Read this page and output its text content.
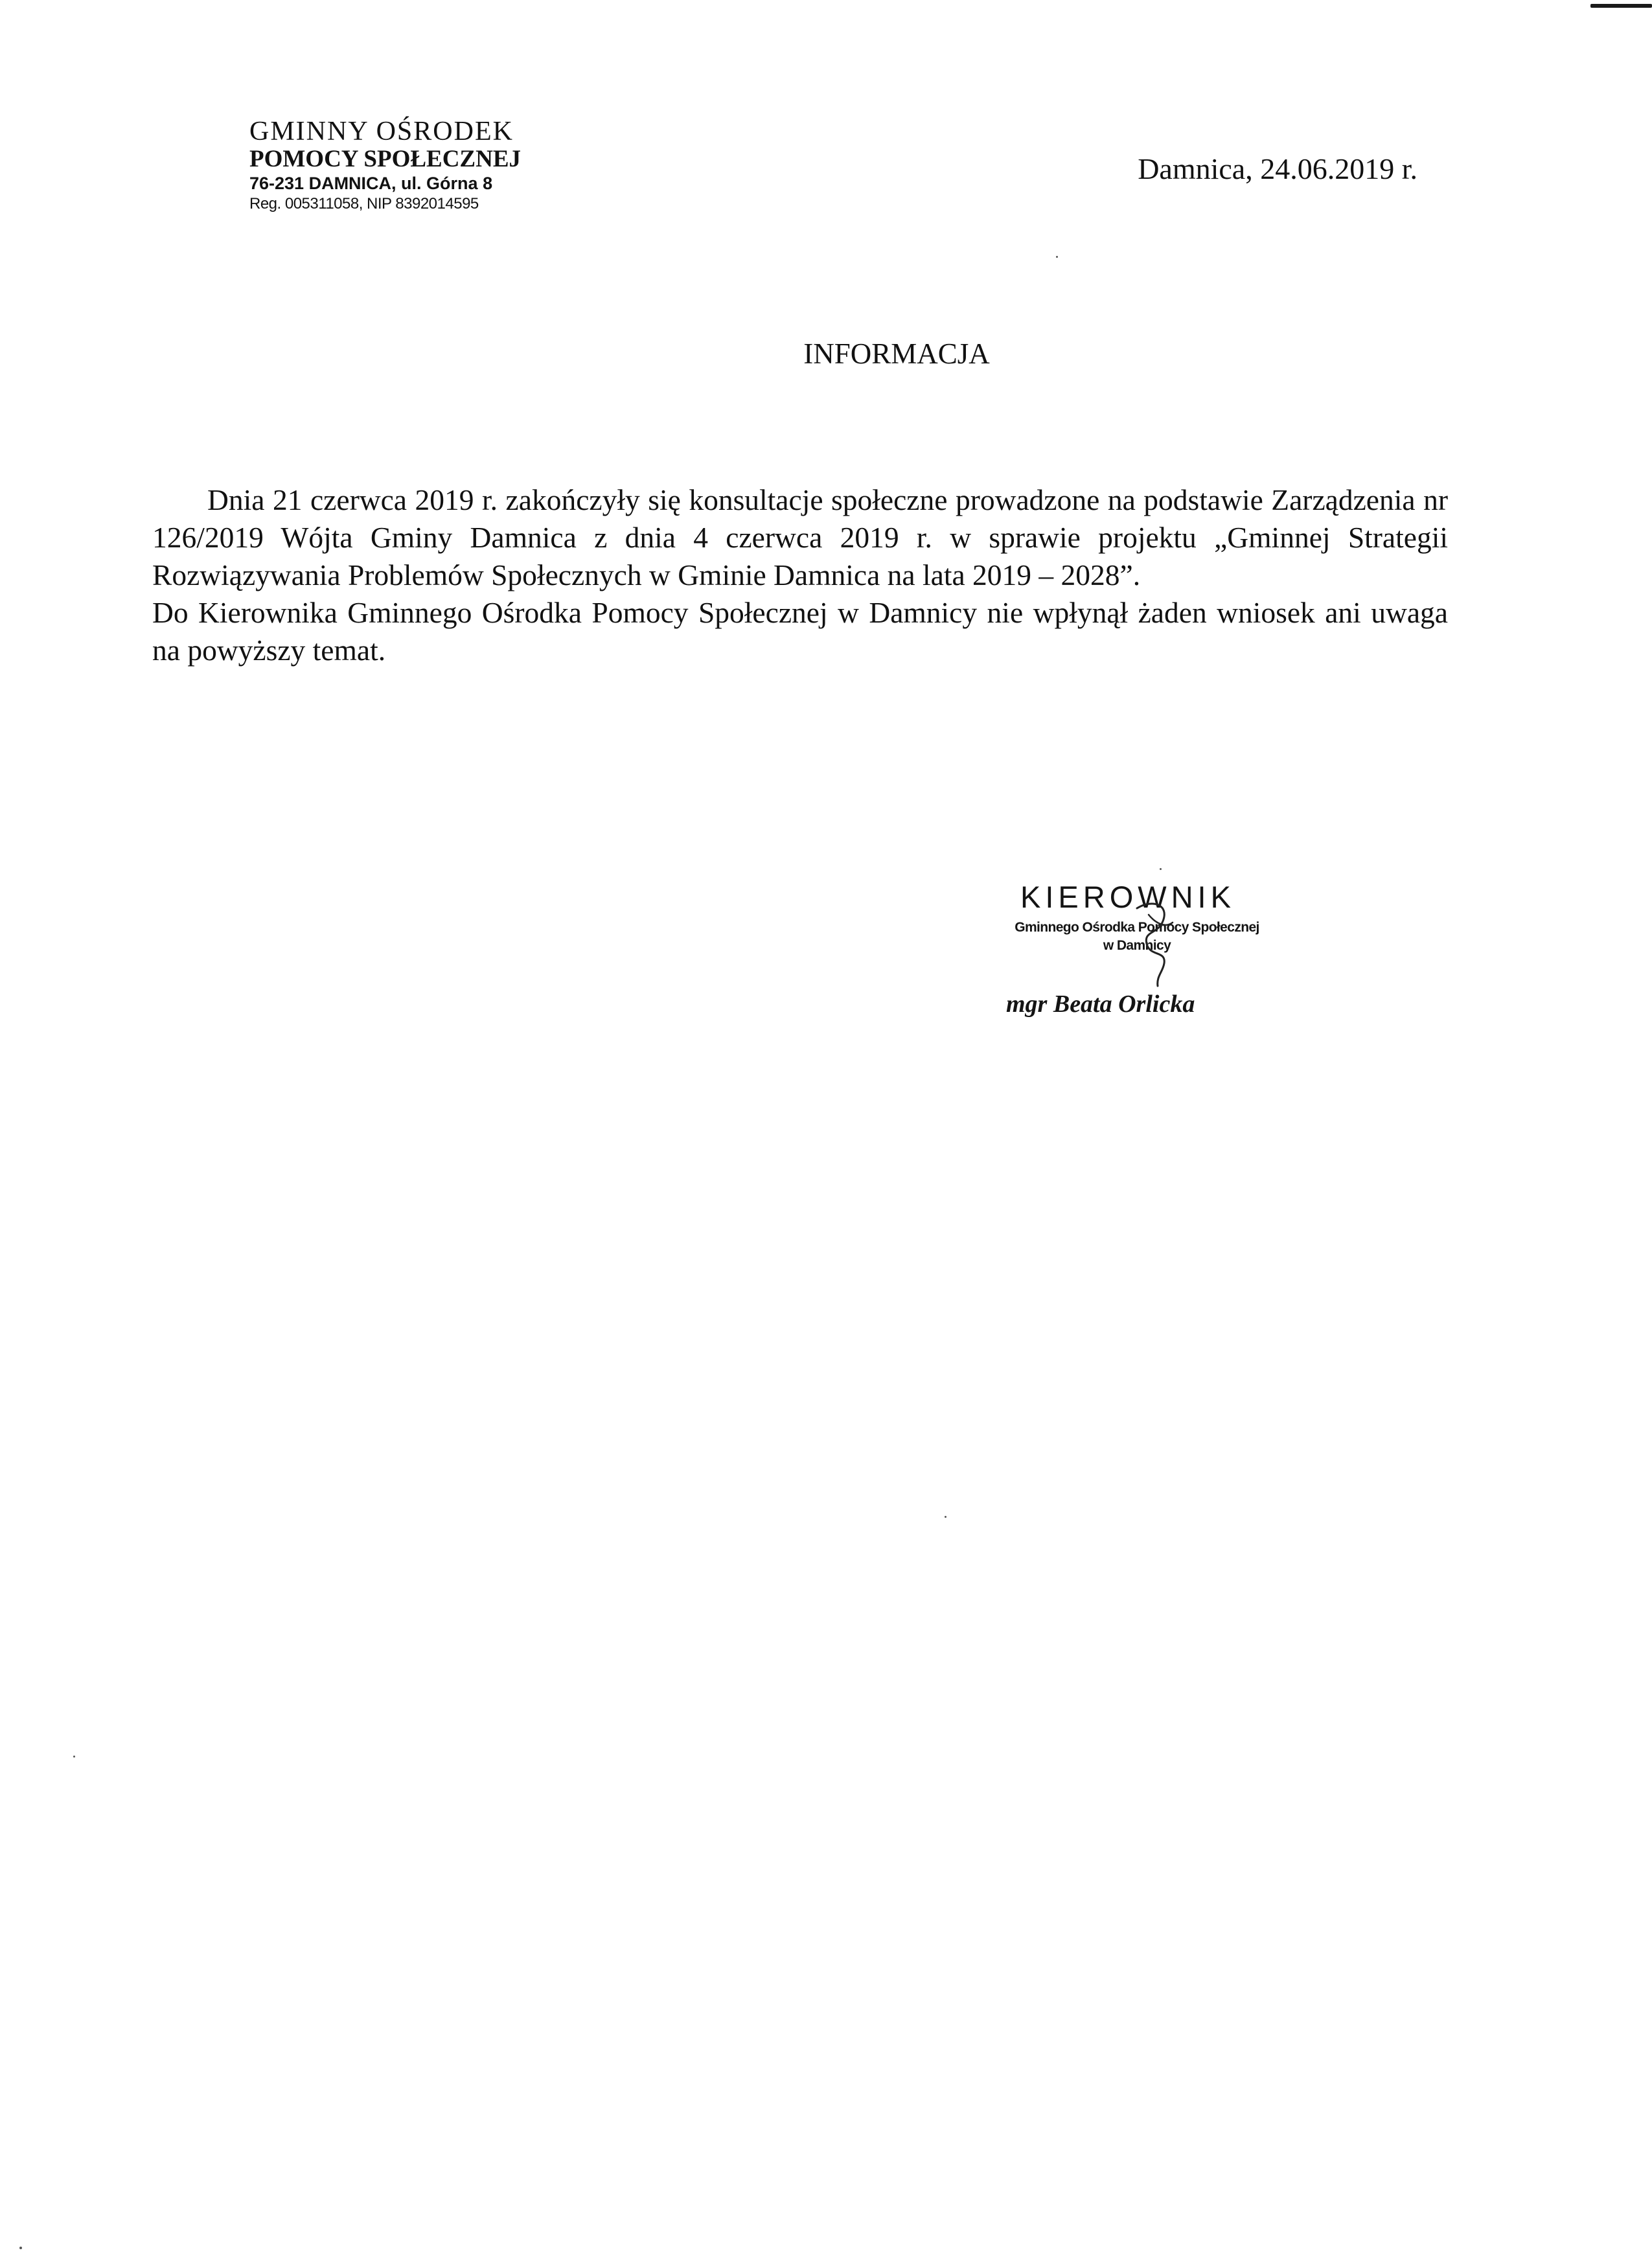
GMINNY OŚRODEK
POMOCY SPOŁECZNEJ
76-231 DAMNICA, ul. Górna 8
Reg. 005311058, NIP 8392014595
Damnica, 24.06.2019 r.
INFORMACJA

Dnia 21 czerwca 2019 r. zakończyły się konsultacje społeczne prowadzone na podstawie Zarządzenia nr 126/2019 Wójta Gminy Damnica z dnia 4 czerwca 2019 r. w sprawie projektu „Gminnej Strategii Rozwiązywania Problemów Społecznych w Gminie Damnica na lata 2019 – 2028”.

Do Kierownika Gminnego Ośrodka Pomocy Społecznej w Damnicy nie wpłynął żaden wniosek ani uwaga na powyższy temat.

KIEROWNIK
Gminnego Ośrodka Pomocy Społecznej
w Damnicy
mgr Beata Orlicka
